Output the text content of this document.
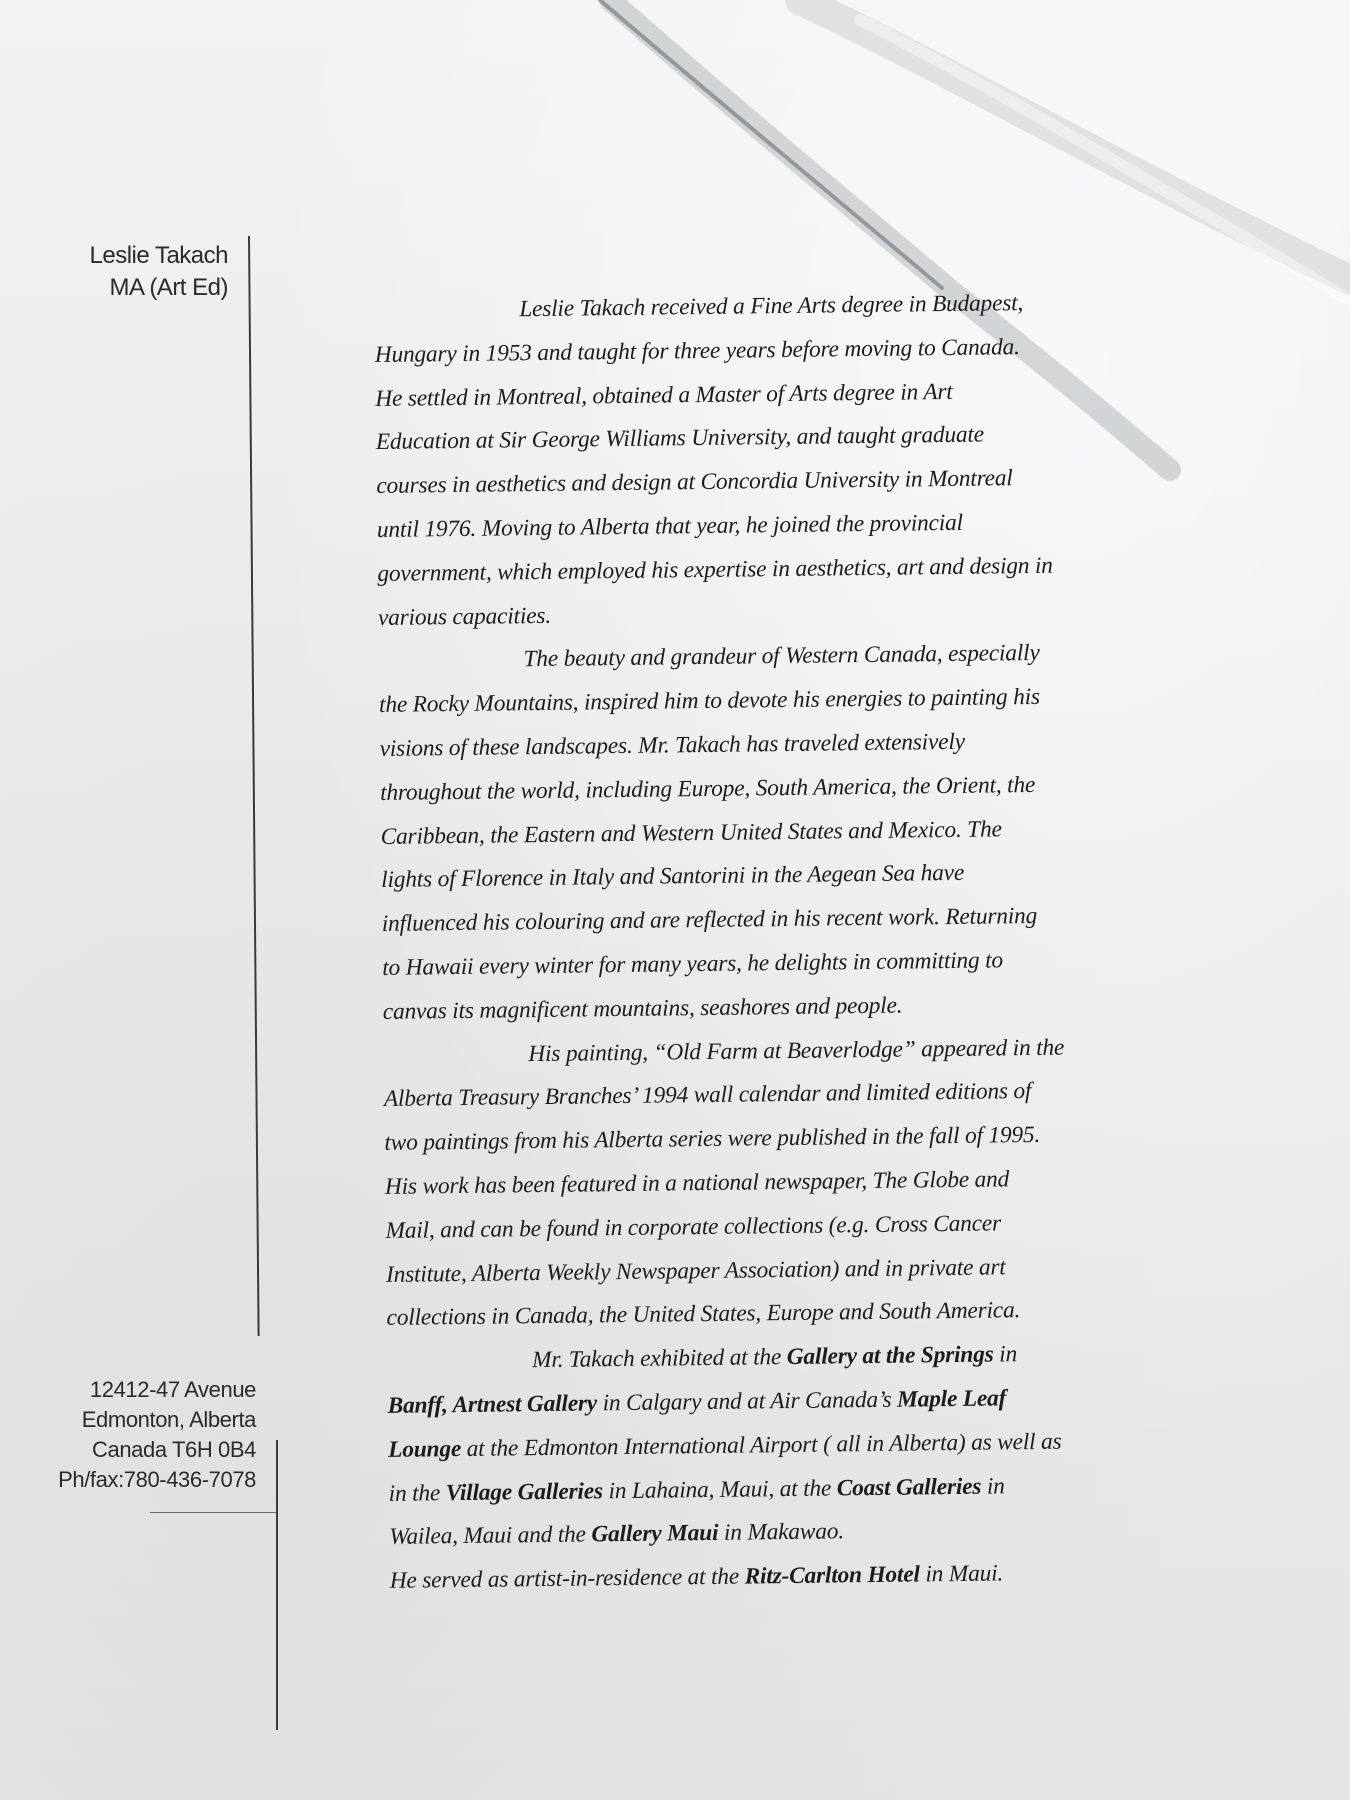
Leslie Takach
MA (Art Ed)
12412-47 Avenue
Edmonton, Alberta
Canada T6H 0B4
Ph/fax:780-436-7078
Leslie Takach received a Fine Arts degree in Budapest,
Hungary in 1953 and taught for three years before moving to Canada.
He settled in Montreal, obtained a Master of Arts degree in Art
Education at Sir George Williams University, and taught graduate
courses in aesthetics and design at Concordia University in Montreal
until 1976. Moving to Alberta that year, he joined the provincial
government, which employed his expertise in aesthetics, art and design in
various capacities.
The beauty and grandeur of Western Canada, especially
the Rocky Mountains, inspired him to devote his energies to painting his
visions of these landscapes. Mr. Takach has traveled extensively
throughout the world, including Europe, South America, the Orient, the
Caribbean, the Eastern and Western United States and Mexico. The
lights of Florence in Italy and Santorini in the Aegean Sea have
influenced his colouring and are reflected in his recent work. Returning
to Hawaii every winter for many years, he delights in committing to
canvas its magnificent mountains, seashores and people.
His painting, “Old Farm at Beaverlodge” appeared in the
Alberta Treasury Branches’ 1994 wall calendar and limited editions of
two paintings from his Alberta series were published in the fall of 1995.
His work has been featured in a national newspaper, The Globe and
Mail, and can be found in corporate collections (e.g. Cross Cancer
Institute, Alberta Weekly Newspaper Association) and in private art
collections in Canada, the United States, Europe and South America.
Mr. Takach exhibited at the Gallery at the Springs in
Banff, Artnest Gallery in Calgary and at Air Canada’s Maple Leaf
Lounge at the Edmonton International Airport ( all in Alberta) as well as
in the Village Galleries in Lahaina, Maui, at the Coast Galleries in
Wailea, Maui and the Gallery Maui in Makawao.
He served as artist-in-residence at the Ritz-Carlton Hotel in Maui.
